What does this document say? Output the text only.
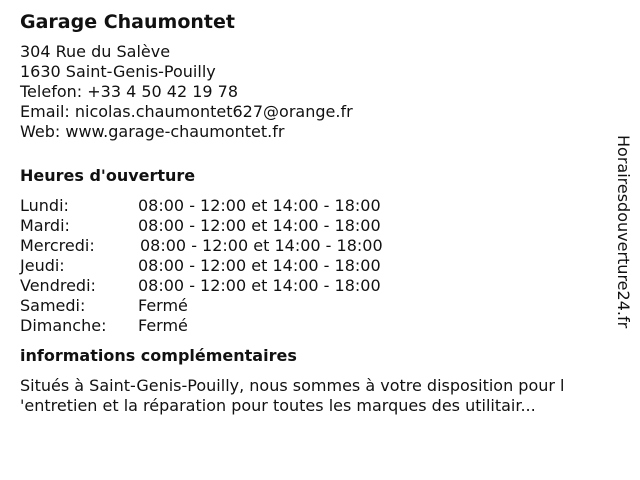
Garage Chaumontet

304 Rue du Salève

1630 Saint-Genis-Pouilly

Telefon: +33 4 50 42 19 78

Email: nicolas.chaumontet627@orange.fr

Web: www.garage-chaumontet.fr

Heures d'ouverture
Lundi:	08:00 - 12:00 et 14:00 - 18:00
Mardi:	08:00 - 12:00 et 14:00 - 18:00
Mercredi:	08:00 - 12:00 et 14:00 - 18:00
Jeudi:	08:00 - 12:00 et 14:00 - 18:00
Vendredi:	08:00 - 12:00 et 14:00 - 18:00
Samedi:	Fermé
Dimanche:	Fermé
informations complémentaires

Situés à Saint-Genis-Pouilly, nous sommes à votre disposition pour l
'entretien et la réparation pour toutes les marques des utilitair...

Horairesdouverture24.fr
